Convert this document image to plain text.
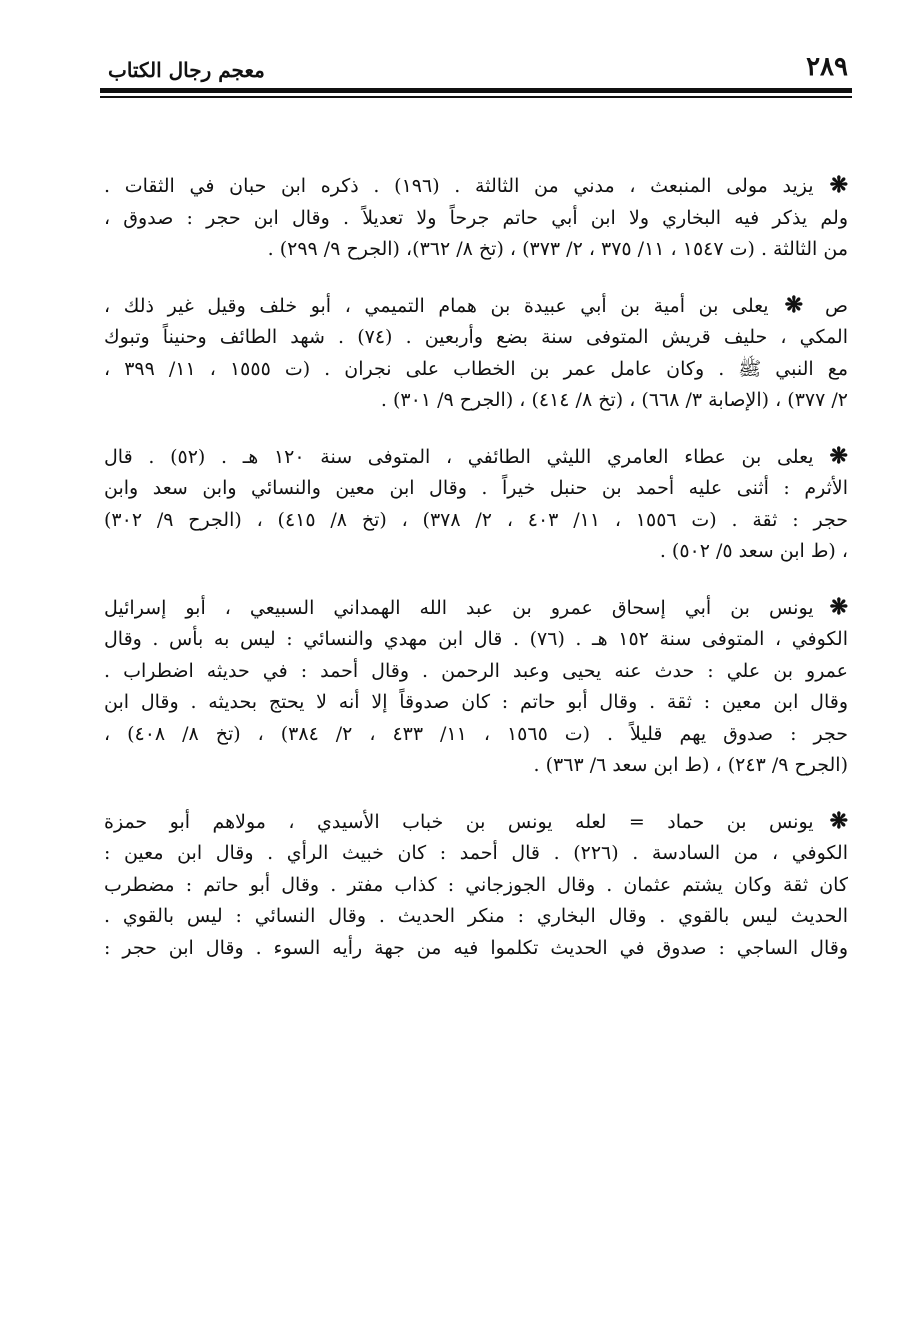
٢٨٩
معجم رجال الكتاب
❋يزيد مولى المنبعث ، مدني من الثالثة . (١٩٦) . ذكره ابن حبان في الثقات .
ولم يذكر فيه البخاري ولا ابن أبي حاتم جرحاً ولا تعديلاً . وقال ابن حجر : صدوق ،
من الثالثة . (ت ١٥٤٧ ، ١١/ ٣٧٥ ، ٢/ ٣٧٣) ، (تخ ٨/ ٣٦٢)، (الجرح ٩/ ٢٩٩) .
ص❋يعلى بن أمية بن أبي عبيدة بن همام التميمي ، أبو خلف وقيل غير ذلك ،
المكي ، حليف قريش المتوفى سنة بضع وأربعين . (٧٤) . شهد الطائف وحنيناً وتبوك
مع النبي ﷺ . وكان عامل عمر بن الخطاب على نجران . (ت ١٥٥٥ ، ١١/ ٣٩٩ ،
٢/ ٣٧٧) ، (الإصابة ٣/ ٦٦٨) ، (تخ ٨/ ٤١٤) ، (الجرح ٩/ ٣٠١) .
❋يعلى بن عطاء العامري الليثي الطائفي ، المتوفى سنة ١٢٠ هـ . (٥٢) . قال
الأثرم : أثنى عليه أحمد بن حنبل خيراً . وقال ابن معين والنسائي وابن سعد وابن
حجر : ثقة . (ت ١٥٥٦ ، ١١/ ٤٠٣ ، ٢/ ٣٧٨) ، (تخ ٨/ ٤١٥) ، (الجرح ٩/ ٣٠٢)
، (ط ابن سعد ٥/ ٥٠٢) .
❋يونس بن أبي إسحاق عمرو بن عبد الله الهمداني السبيعي ، أبو إسرائيل
الكوفي ، المتوفى سنة ١٥٢ هـ . (٧٦) . قال ابن مهدي والنسائي : ليس به بأس . وقال
عمرو بن علي : حدث عنه يحيى وعبد الرحمن . وقال أحمد : في حديثه اضطراب .
وقال ابن معين : ثقة . وقال أبو حاتم : كان صدوقاً إلا أنه لا يحتج بحديثه . وقال ابن
حجر : صدوق يهم قليلاً . (ت ١٥٦٥ ، ١١/ ٤٣٣ ، ٢/ ٣٨٤) ، (تخ ٨/ ٤٠٨) ،
(الجرح ٩/ ٢٤٣) ، (ط ابن سعد ٦/ ٣٦٣) .
❋يونس بن حماد = لعله يونس بن خباب الأسيدي ، مولاهم أبو حمزة
الكوفي ، من السادسة . (٢٢٦) . قال أحمد : كان خبيث الرأي . وقال ابن معين :
كان ثقة وكان يشتم عثمان . وقال الجوزجاني : كذاب مفتر . وقال أبو حاتم : مضطرب
الحديث ليس بالقوي . وقال البخاري : منكر الحديث . وقال النسائي : ليس بالقوي .
وقال الساجي : صدوق في الحديث تكلموا فيه من جهة رأيه السوء . وقال ابن حجر :
